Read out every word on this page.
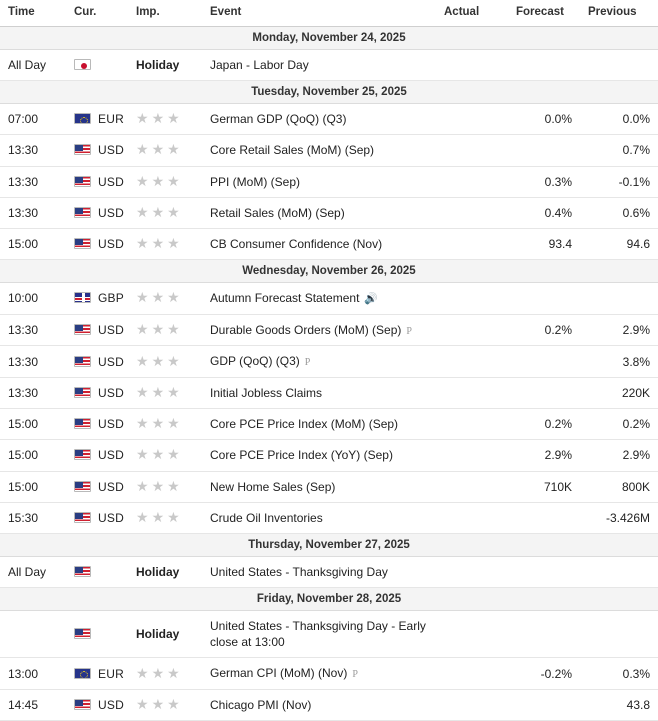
Time	Cur.	Imp.	Event	Actual	Forecast	Previous
Monday, November 24, 2025						
All Day		Holiday	Japan - Labor Day			
Tuesday, November 25, 2025						
07:00	EUR	★★★	German GDP (QoQ) (Q3)		0.0%	0.0%
13:30	USD	★★★	Core Retail Sales (MoM) (Sep)			0.7%
13:30	USD	★★★	PPI (MoM) (Sep)		0.3%	-0.1%
13:30	USD	★★★	Retail Sales (MoM) (Sep)		0.4%	0.6%
15:00	USD	★★★	CB Consumer Confidence (Nov)		93.4	94.6
Wednesday, November 26, 2025						
10:00	GBP	★★★	Autumn Forecast Statement 🔊			
13:30	USD	★★★	Durable Goods Orders (MoM) (Sep) P		0.2%	2.9%
13:30	USD	★★★	GDP (QoQ) (Q3) P			3.8%
13:30	USD	★★★	Initial Jobless Claims			220K
15:00	USD	★★★	Core PCE Price Index (MoM) (Sep)		0.2%	0.2%
15:00	USD	★★★	Core PCE Price Index (YoY) (Sep)		2.9%	2.9%
15:00	USD	★★★	New Home Sales (Sep)		710K	800K
15:30	USD	★★★	Crude Oil Inventories			-3.426M
Thursday, November 27, 2025						
All Day		Holiday	United States - Thanksgiving Day			
Friday, November 28, 2025						
		Holiday	United States - Thanksgiving Day - Early close at 13:00			
13:00	EUR	★★★	German CPI (MoM) (Nov) P		-0.2%	0.3%
14:45	USD	★★★	Chicago PMI (Nov)			43.8
